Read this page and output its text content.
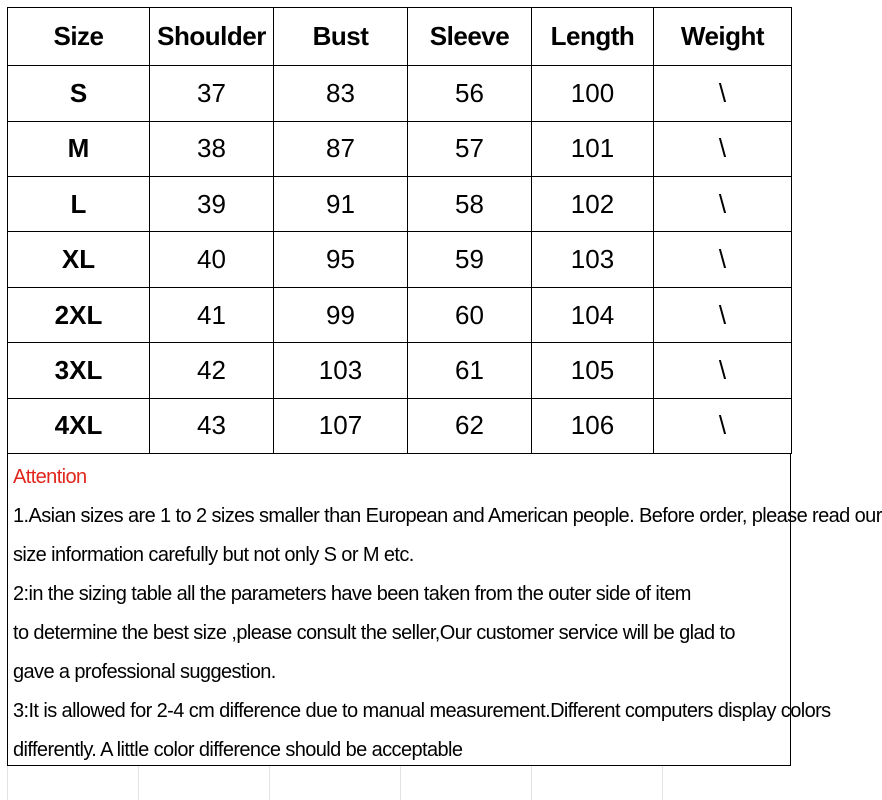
Size	Shoulder	Bust	Sleeve	Length	Weight
S	37	83	56	100	\
M	38	87	57	101	\
L	39	91	58	102	\
XL	40	95	59	103	\
2XL	41	99	60	104	\
3XL	42	103	61	105	\
4XL	43	107	62	106	\
Attention
1.Asian sizes are 1 to 2 sizes smaller than European and American people. Before order, please read our
size information carefully but not only S or M etc.
2:in the sizing table all the parameters have been taken from the outer side of item
to determine the best size ,please consult the seller,Our customer service will be glad to
gave a professional suggestion.
3:It is allowed for 2-4 cm difference due to manual measurement.Different computers display colors
differently. A little color difference should be acceptable
